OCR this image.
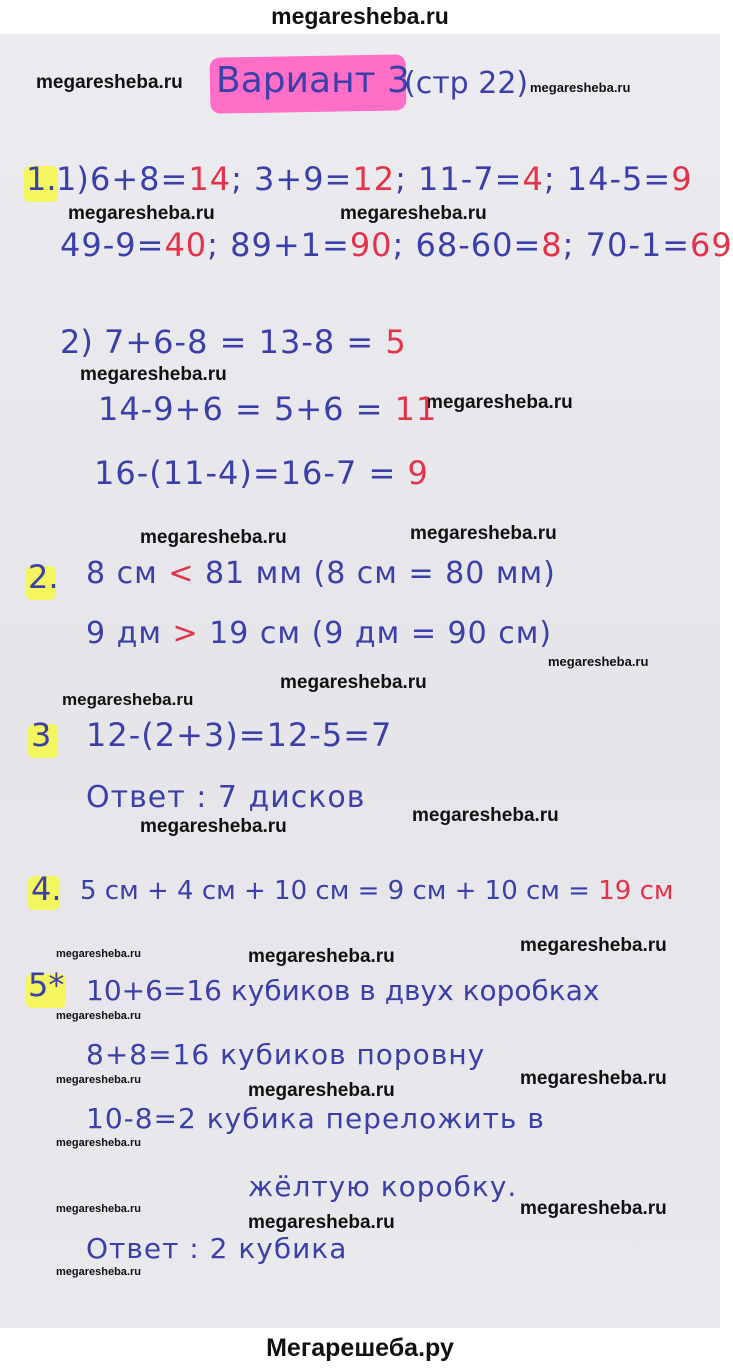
megaresheba.ru
megaresheba.ru	megaresheba.ru
megaresheba.ru	megaresheba.ru
megaresheba.ru
megaresheba.ru
megaresheba.ru	megaresheba.ru
megaresheba.ru
megaresheba.ru
megaresheba.ru
megaresheba.ru
megaresheba.ru
megaresheba.ru	megaresheba.ru
megaresheba.ru
megaresheba.ru
megaresheba.ru	megaresheba.ru
megaresheba.ru
megaresheba.ru
megaresheba.ru
megaresheba.ru
megaresheba.ru
megaresheba.ru
Вариант 3
(стр 22)
1. 1) 6+8=14; 3+9=12; 11-7=4; 14-5=9
49-9=40; 89+1=90; 68-60=8; 70-1=69
2) 7+6-8 = 13-8 = 5
14-9+6 = 5+6 = 11
16-(11-4)=16-7 = 9
2. 8 см < 81 мм (8 см = 80 мм)
9 дм > 19 см (9 дм = 90 см)
3 12-(2+3)=12-5=7
Ответ : 7 дисков
4. 5 см + 4 см + 10 см = 9 см + 10 см = 19 см
5* 10+6=16 кубиков в двух коробках
8+8=16 кубиков поровну
10-8=2 кубика переложить в
жёлтую коробку.
Ответ : 2 кубика
Мегарешеба.ру
